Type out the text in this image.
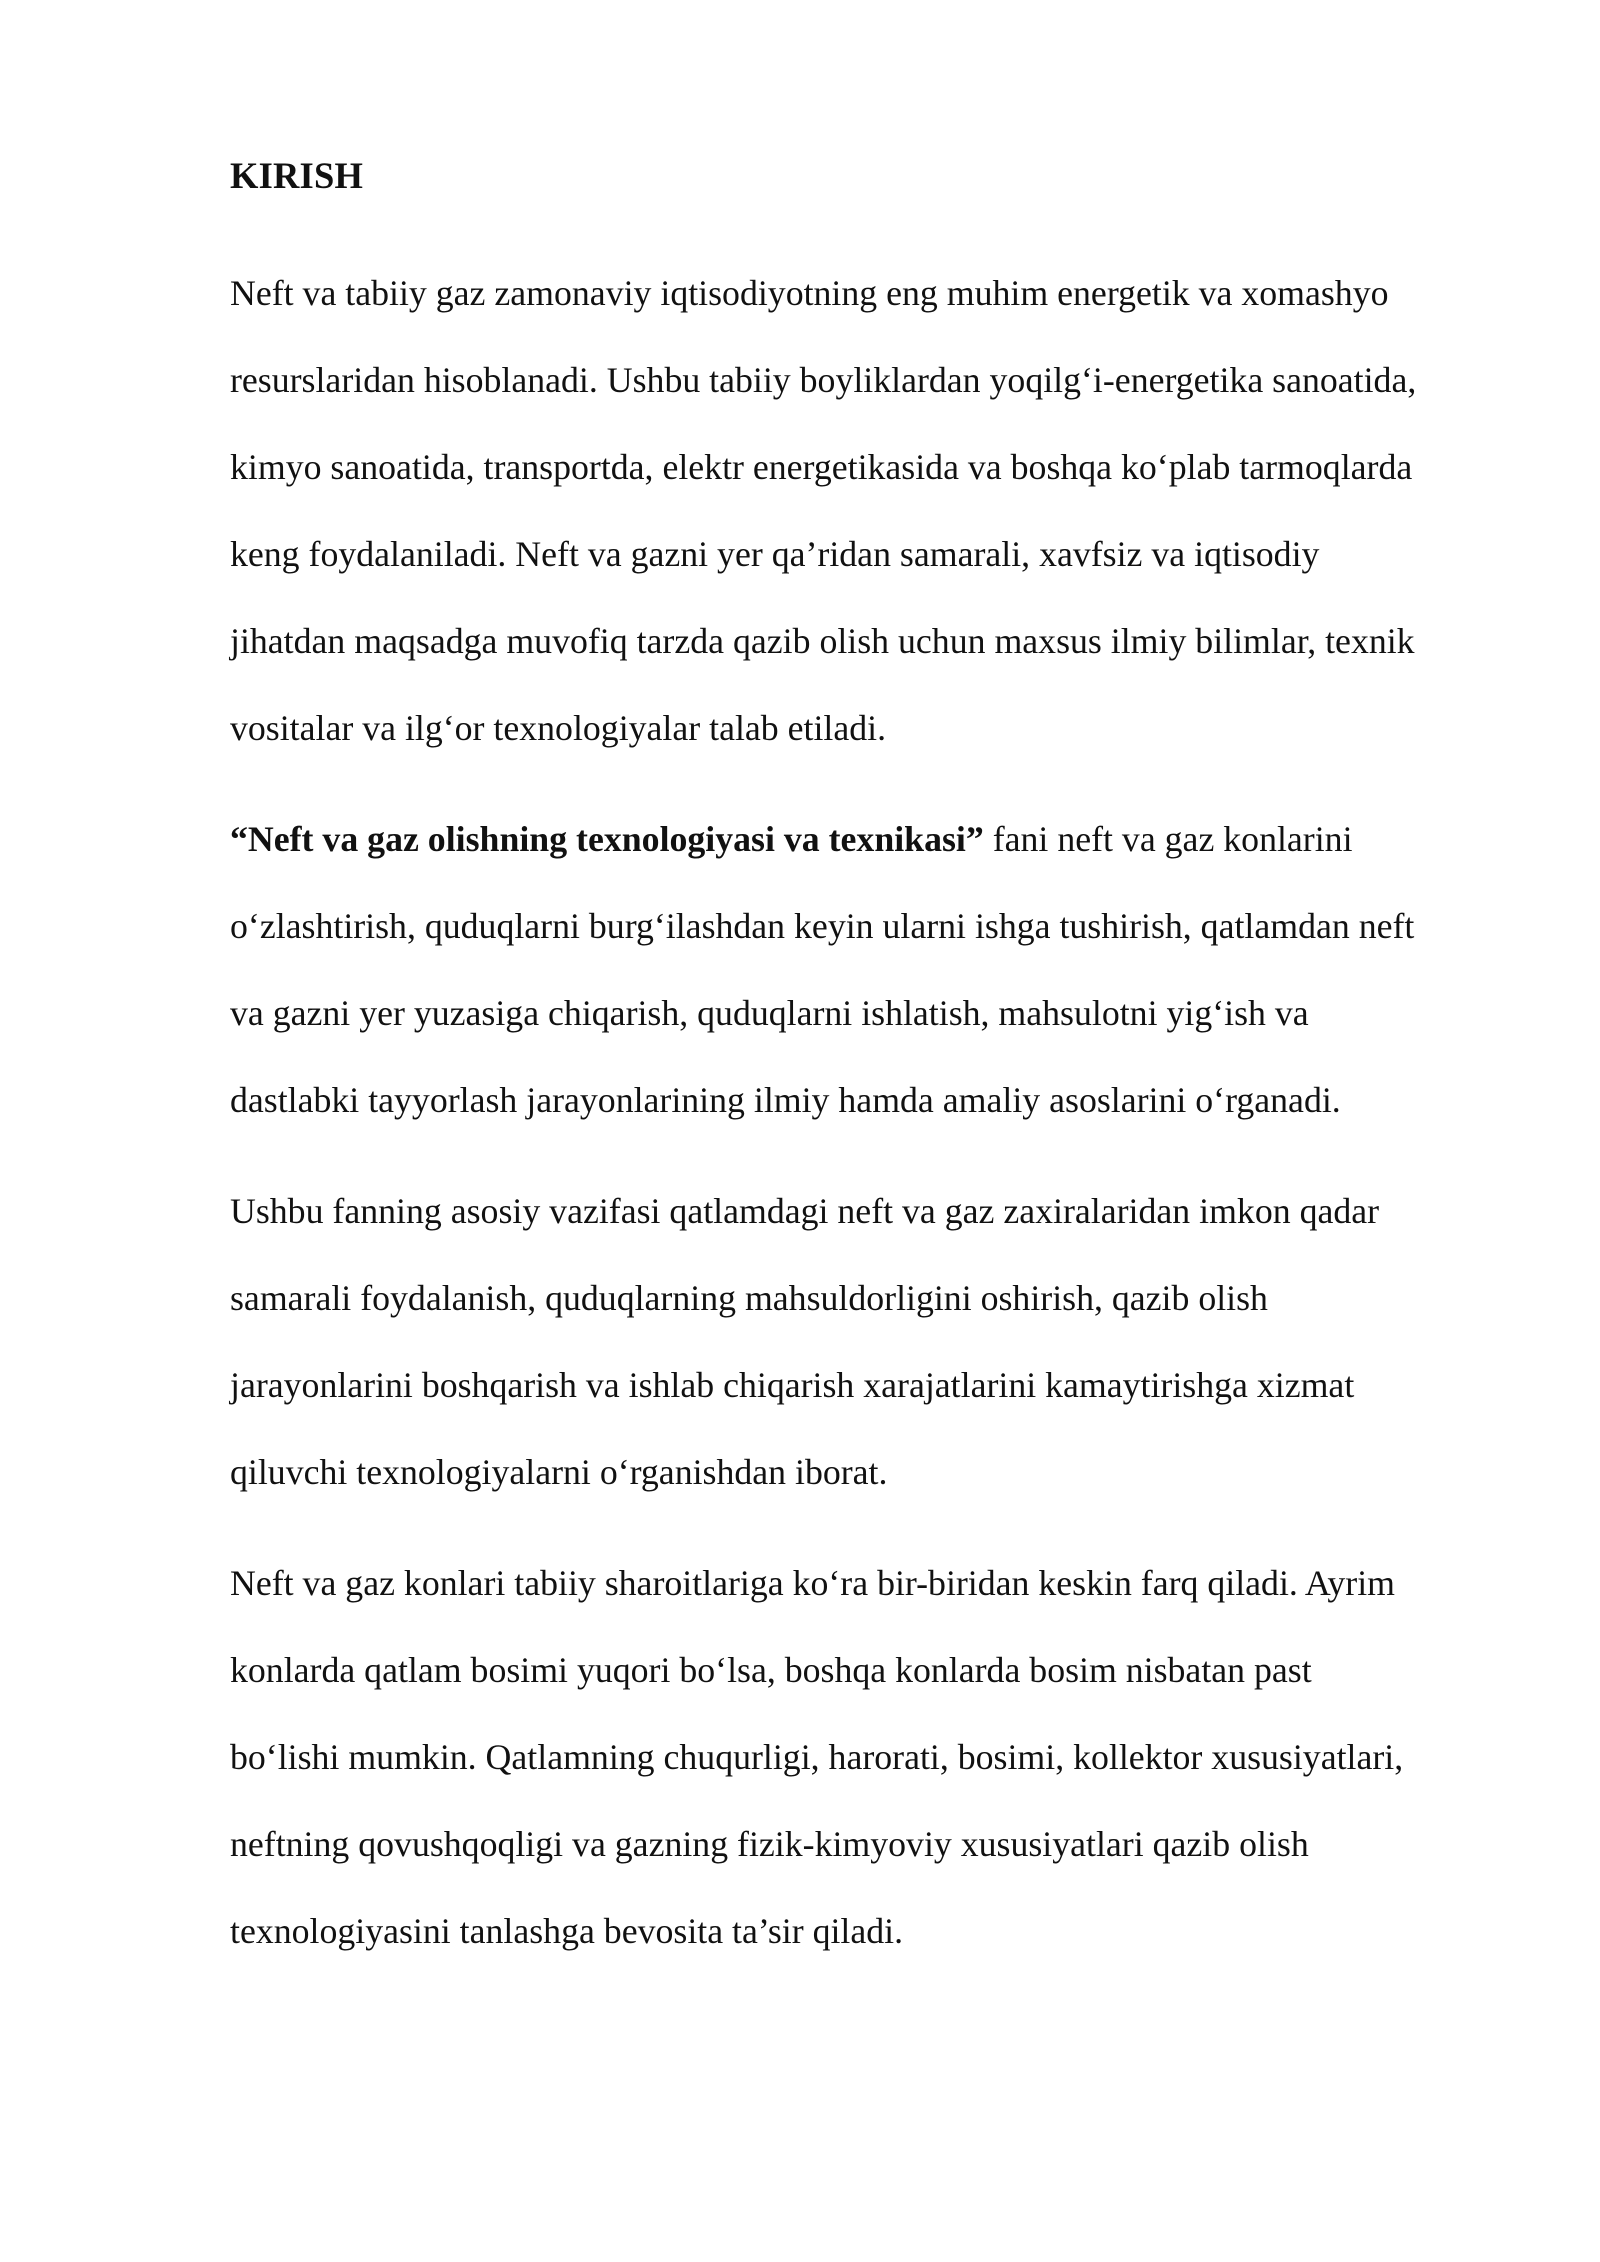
KIRISH
Neft va tabiiy gaz zamonaviy iqtisodiyotning eng muhim energetik va xomashyo
resurslaridan hisoblanadi. Ushbu tabiiy boyliklardan yoqilg‘i-energetika sanoatida,
kimyo sanoatida, transportda, elektr energetikasida va boshqa ko‘plab tarmoqlarda
keng foydalaniladi. Neft va gazni yer qa’ridan samarali, xavfsiz va iqtisodiy
jihatdan maqsadga muvofiq tarzda qazib olish uchun maxsus ilmiy bilimlar, texnik
vositalar va ilg‘or texnologiyalar talab etiladi.
“Neft va gaz olishning texnologiyasi va texnikasi” fani neft va gaz konlarini
o‘zlashtirish, quduqlarni burg‘ilashdan keyin ularni ishga tushirish, qatlamdan neft
va gazni yer yuzasiga chiqarish, quduqlarni ishlatish, mahsulotni yig‘ish va
dastlabki tayyorlash jarayonlarining ilmiy hamda amaliy asoslarini o‘rganadi.
Ushbu fanning asosiy vazifasi qatlamdagi neft va gaz zaxiralaridan imkon qadar
samarali foydalanish, quduqlarning mahsuldorligini oshirish, qazib olish
jarayonlarini boshqarish va ishlab chiqarish xarajatlarini kamaytirishga xizmat
qiluvchi texnologiyalarni o‘rganishdan iborat.
Neft va gaz konlari tabiiy sharoitlariga ko‘ra bir-biridan keskin farq qiladi. Ayrim
konlarda qatlam bosimi yuqori bo‘lsa, boshqa konlarda bosim nisbatan past
bo‘lishi mumkin. Qatlamning chuqurligi, harorati, bosimi, kollektor xususiyatlari,
neftning qovushqoqligi va gazning fizik-kimyoviy xususiyatlari qazib olish
texnologiyasini tanlashga bevosita ta’sir qiladi.
